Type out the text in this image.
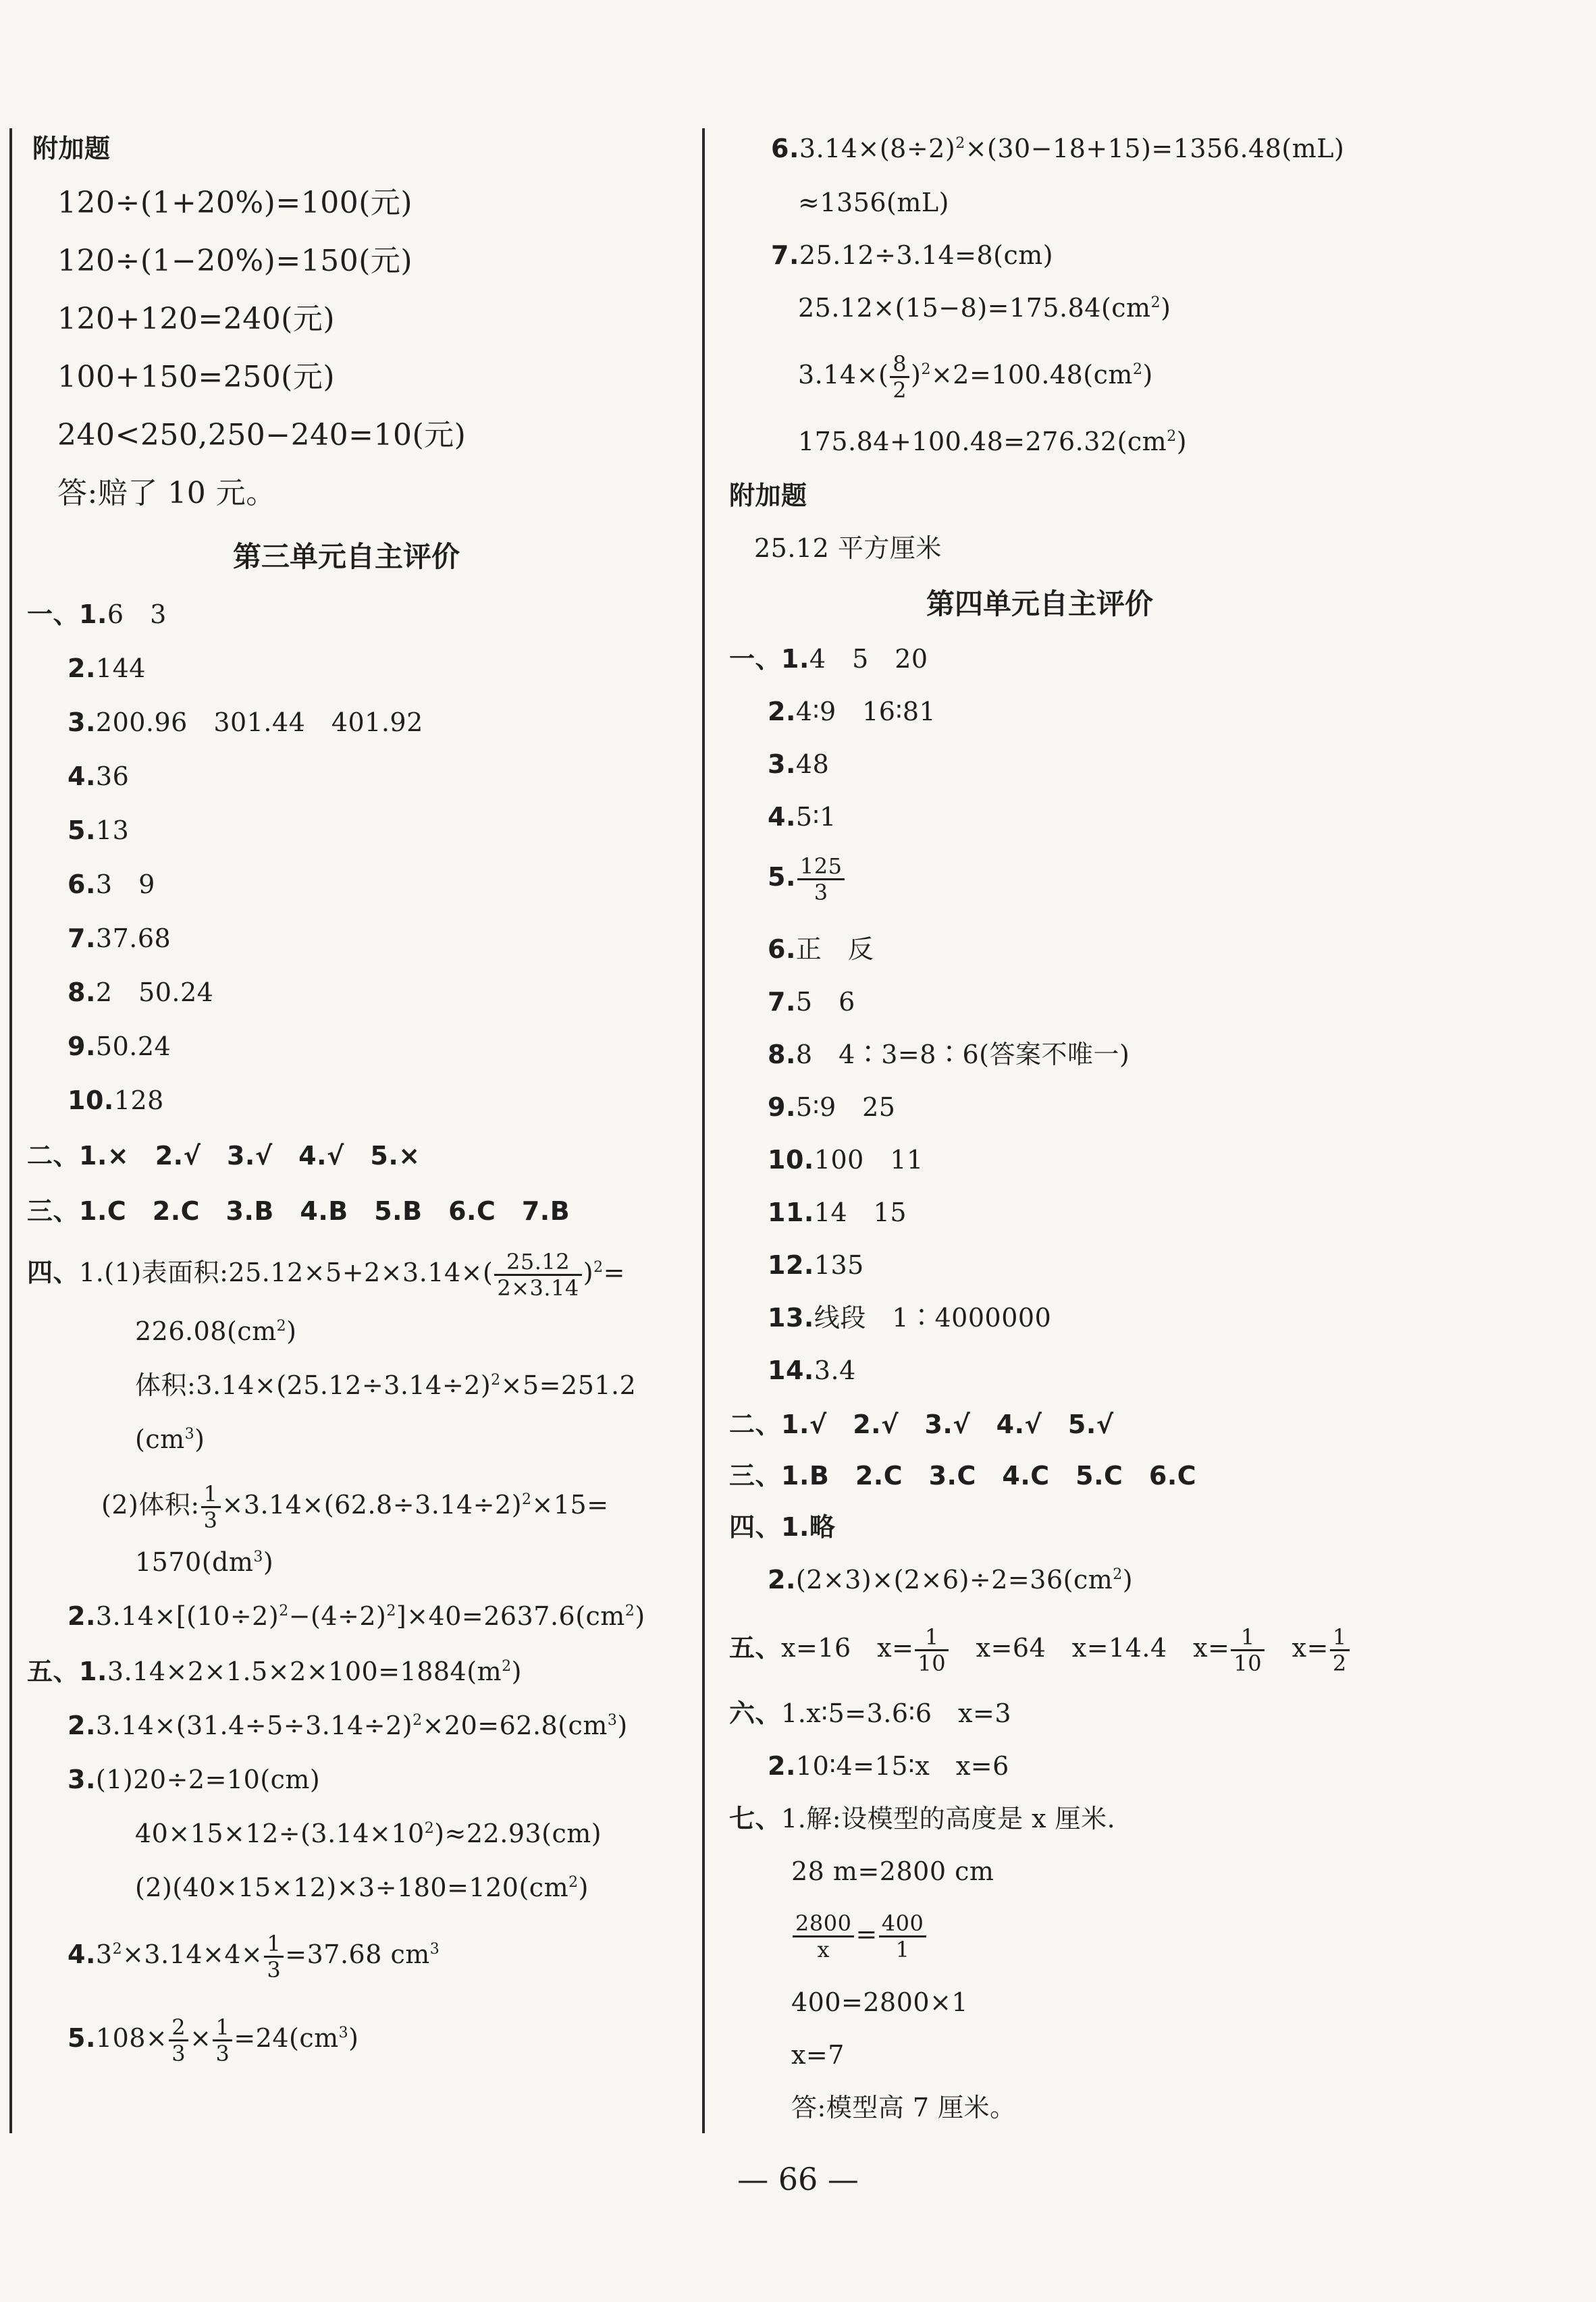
附加题
120÷(1+20%)=100(元)
120÷(1−20%)=150(元)
120+120=240(元)
100+150=250(元)
240<250,250−240=10(元)
答:赔了 10 元。
第三单元自主评价
一、1.6　3
2.144
3.200.96　301.44　401.92
4.36
5.13
6.3　9
7.37.68
8.2　50.24
9.50.24
10.128
二、1.×　2.√　3.√　4.√　5.×
三、1.C　2.C　3.B　4.B　5.B　6.C　7.B
四、1.(1)表面积:25.12×5+2×3.14×( $\frac{25.12}{2\times 3.14} )^2=$
$226.08(cm^2)$
体积$:3.14\times(25.12\div 3.14\div 2)^2\times 5=251.2$
$(cm^3)$
(2)体积: $\frac{1}{3} \times 3.14\times(62.8\div 3.14\div 2)^2\times 15=$
$1570(dm^3)$
$2.3.14\times[(10\div 2)^2-(4\div 2)^2]\times 40=2637.6(cm^2)$
五、$1.3.14\times 2\times 1.5\times 2\times 100=1884(m^2)$
$2.3.14\times(31.4\div 5\div 3.14\div 2)^2\times 20=62.8(cm^3)$
3.(1)20÷2=10(cm)
$40\times 15\times 12\div(3.14\times 10^2)\approx 22.93(cm)$
$(2)(40\times 15\times 12)\times 3\div 180=120(cm^2)$
$4.3^2\times 3.14\times 4\times \frac{1}{3} =37.68$ $cm^3$
$5.108\times \frac{2}{3} \times \frac{1}{3} =24(cm^3)$
$6.3.14\times(8\div 2)^2\times(30-18+15)=1356.48(mL)$
≈1356(mL)
7.25.12÷3.14=8(cm)
$25.12\times(15-8)=175.84(cm^2)$
$3.14\times( \frac{8}{2} )^2\times 2=100.48(cm^2)$
$175.84+100.48=276.32(cm^2)$
附加题
25.12 平方厘米
第四单元自主评价
一、1.4　5　20
2.4∶9　16∶81
3.48
4.5∶1
5. $\frac{125}{3}$
6.正　反
7.5　6
8.8　4∶3=8∶6(答案不唯一)
9.5∶9　25
10.100　11
11.14　15
12.135
13.线段　1∶4000000
14.3.4
二、1.√　2.√　3.√　4.√　5.√
三、1.B　2.C　3.C　4.C　5.C　6.C
四、1.略
$2.(2\times 3)\times(2\times 6)\div 2=36(cm^2)$
五、x=16　$x= \frac{1}{10}$ 　x=64　x=14.4　$x= \frac{1}{10}$ 　$x= \frac{1}{2}$
六、1.x∶5=3.6∶6　x=3
2.10∶4=15∶x　x=6
七、1.解:设模型的高度是 x 厘米.
28 m=2800 cm
$\frac{2800}{x} = \frac{400}{1}$
400=2800×1
x=7
答:模型高 7 厘米。
— 66 —
